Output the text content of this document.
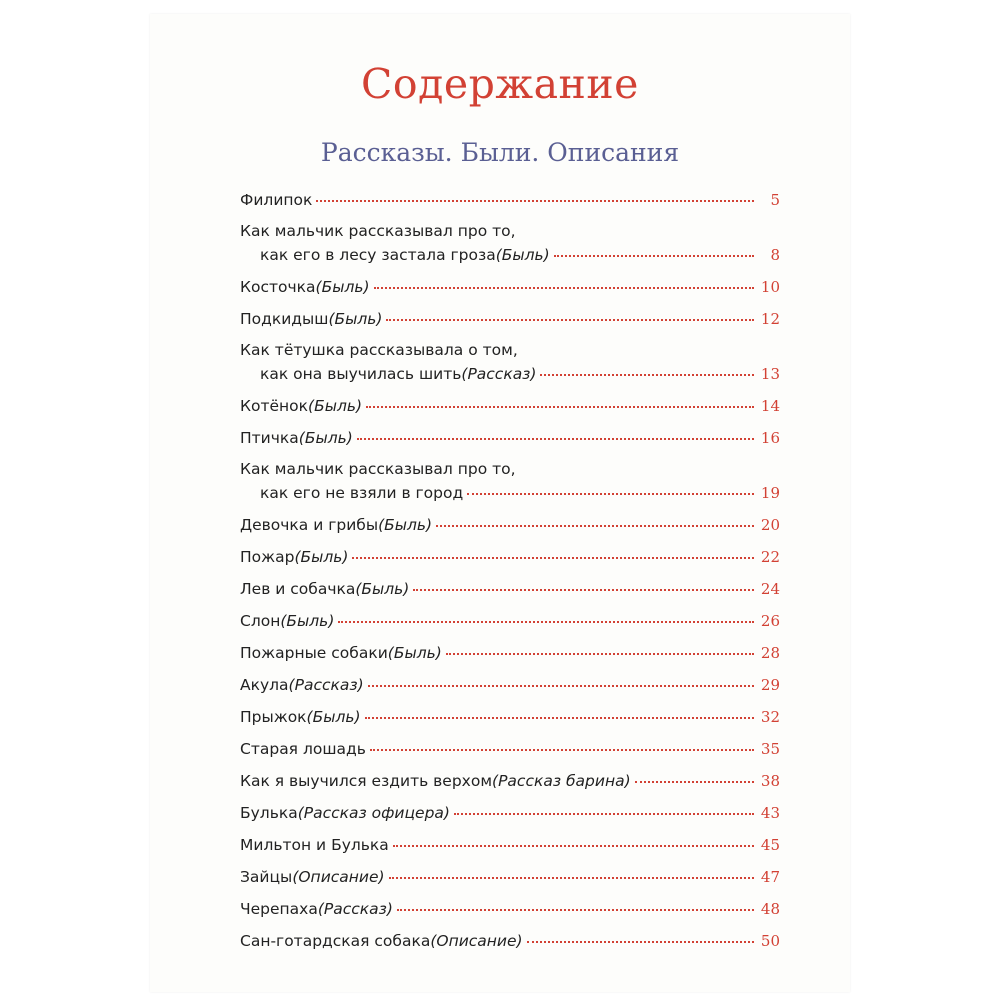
Содержание
Рассказы. Были. Описания
Филипок	5
Как мальчик рассказывал про то,
как его в лесу застала гроза (Быль)	8
Косточка (Быль)	10
Подкидыш (Быль)	12
Как тётушка рассказывала о том,
как она выучилась шить (Рассказ)	13
Котёнок (Быль)	14
Птичка (Быль)	16
Как мальчик рассказывал про то,
как его не взяли в город	19
Девочка и грибы (Быль)	20
Пожар (Быль)	22
Лев и собачка (Быль)	24
Слон (Быль)	26
Пожарные собаки (Быль)	28
Акула (Рассказ)	29
Прыжок (Быль)	32
Старая лошадь	35
Как я выучился ездить верхом (Рассказ барина)	38
Булька (Рассказ офицера)	43
Мильтон и Булька	45
Зайцы (Описание)	47
Черепаха (Рассказ)	48
Сан-готардская собака (Описание)	50
